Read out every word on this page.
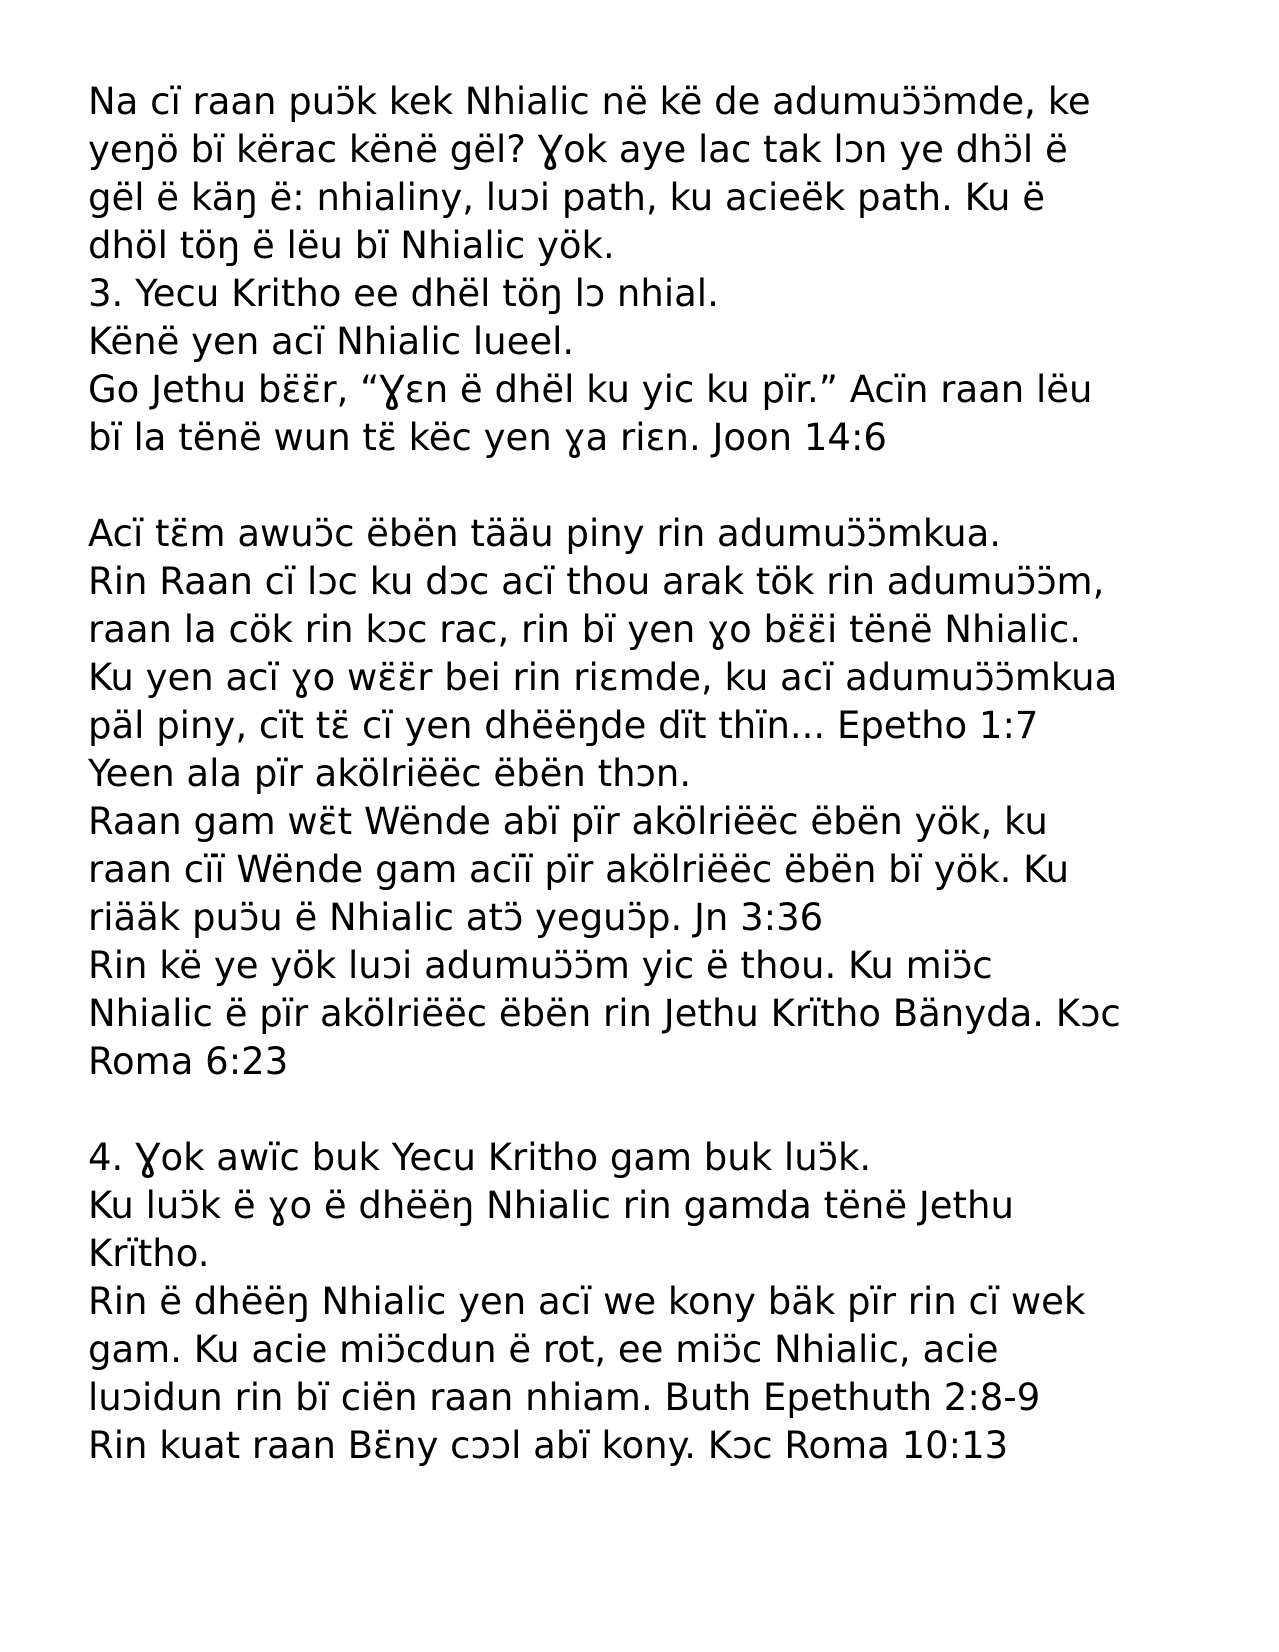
Na cï raan puɔ̈k kek Nhialic në kë de adumuɔ̈ɔ̈mde, ke
yeŋö bï kërac kënë gël? Ɣok aye lac tak lɔn ye dhɔ̈l ë
gël ë käŋ ë: nhialiny, luɔi path, ku acieëk path. Ku ë
dhöl töŋ ë lëu bï Nhialic yök.
3. Yecu Kritho ee dhël töŋ lɔ nhial.
Kënë yen acï Nhialic lueel.
Go Jethu bɛ̈ɛ̈r, “Ɣɛn ë dhël ku yic ku pïr.” Acïn raan lëu
bï la tënë wun tɛ̈ këc yen ɣa riɛn. Joon 14:6
Acï tɛ̈m awuɔ̈c ëbën tääu piny rin adumuɔ̈ɔ̈mkua.
Rin Raan cï lɔc ku dɔc acï thou arak tök rin adumuɔ̈ɔ̈m,
raan la cök rin kɔc rac, rin bï yen ɣo bɛ̈ɛ̈i tënë Nhialic.
Ku yen acï ɣo wɛ̈ɛ̈r bei rin riɛmde, ku acï adumuɔ̈ɔ̈mkua
päl piny, cït tɛ̈ cï yen dhëëŋde dït thïn... Epetho 1:7
Yeen ala pïr akölriëëc ëbën thɔn.
Raan gam wɛ̈t Wënde abï pïr akölriëëc ëbën yök, ku
raan cïï Wënde gam acïï pïr akölriëëc ëbën bï yök. Ku
riääk puɔ̈u ë Nhialic atɔ̈ yeguɔ̈p. Jn 3:36
Rin kë ye yök luɔi adumuɔ̈ɔ̈m yic ë thou. Ku miɔ̈c
Nhialic ë pïr akölriëëc ëbën rin Jethu Krïtho Bänyda. Kɔc
Roma 6:23
4. Ɣok awïc buk Yecu Kritho gam buk luɔ̈k.
Ku luɔ̈k ë ɣo ë dhëëŋ Nhialic rin gamda tënë Jethu
Krïtho.
Rin ë dhëëŋ Nhialic yen acï we kony bäk pïr rin cï wek
gam. Ku acie miɔ̈cdun ë rot, ee miɔ̈c Nhialic, acie
luɔidun rin bï ciën raan nhiam. Buth Epethuth 2:8-9
Rin kuat raan Bɛ̈ny cɔɔl abï kony. Kɔc Roma 10:13
